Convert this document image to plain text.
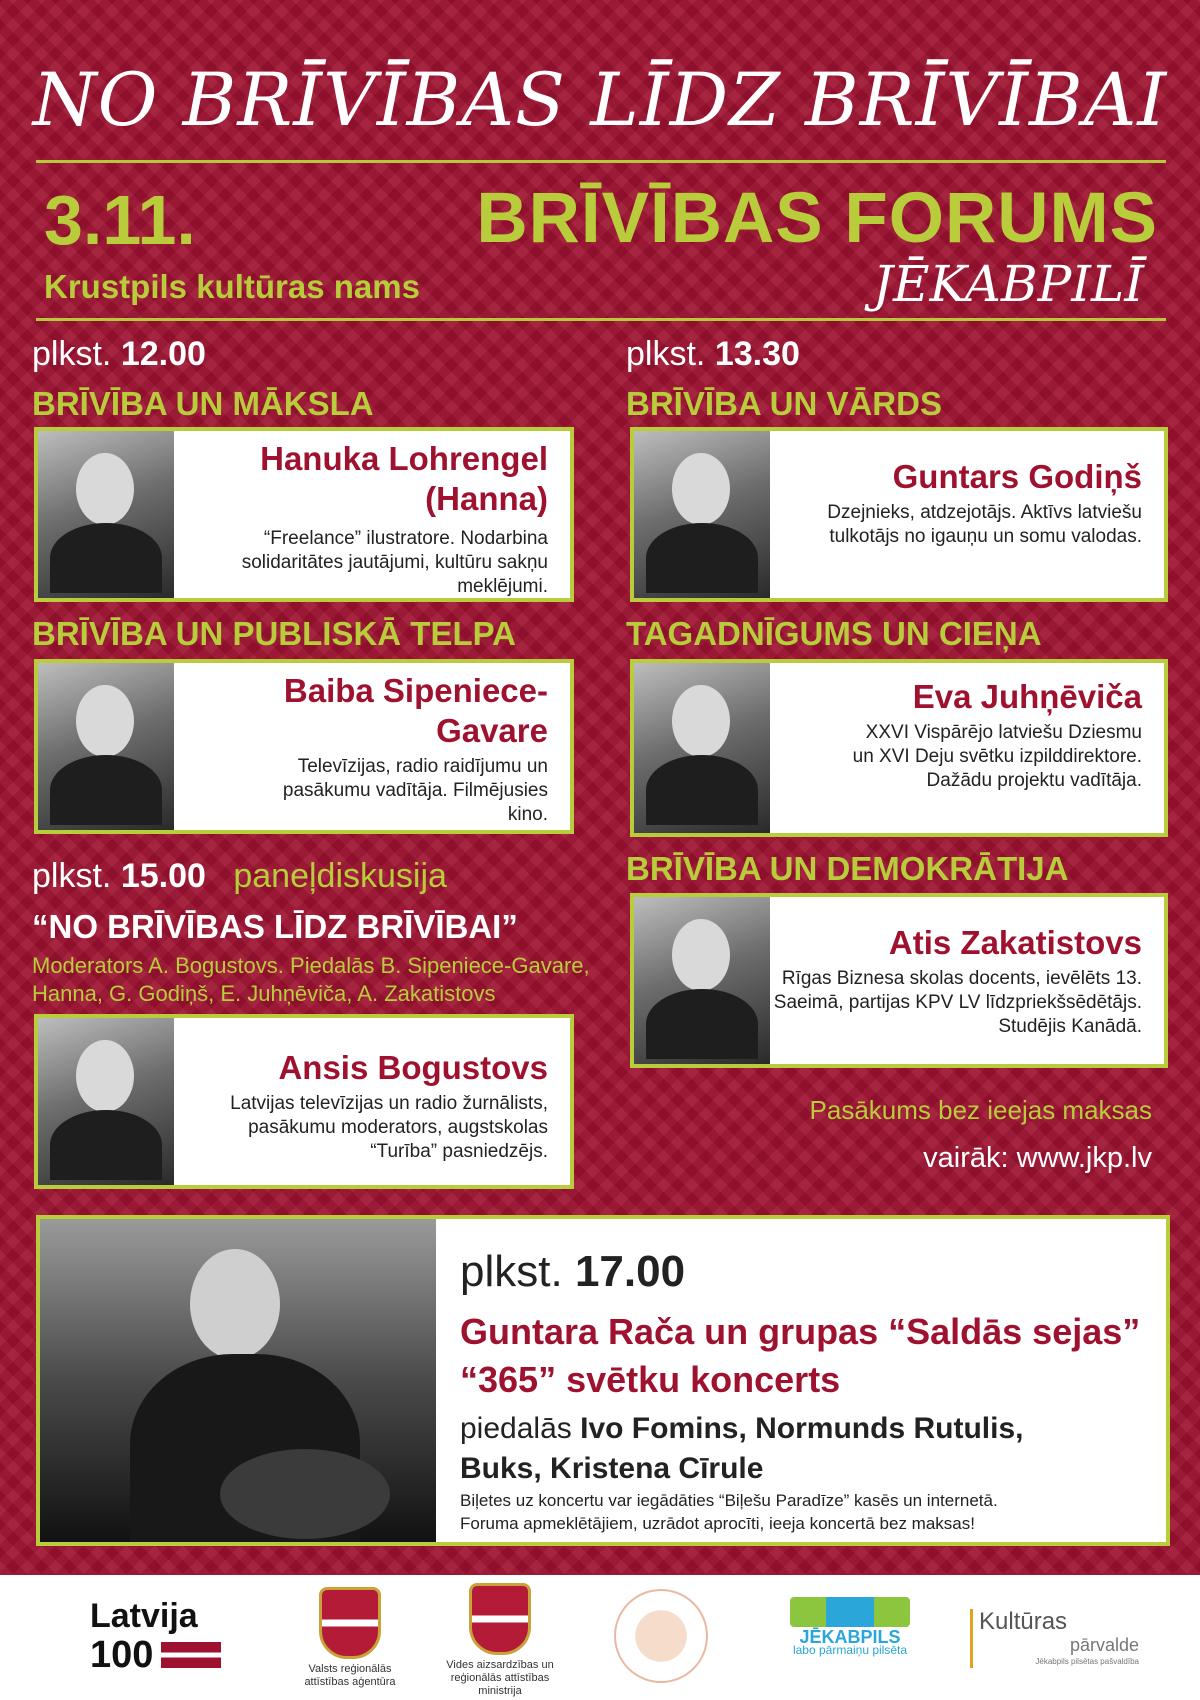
NO BRĪVĪBAS LĪDZ BRĪVĪBAI
3.11.
Krustpils kultūras nams
BRĪVĪBAS FORUMS
JĒKABPILĪ
plkst. 12.00
BRĪVĪBA UN MĀKSLA
Hanuka Lohrengel (Hanna)
“Freelance” ilustratore. Nodarbina solidaritātes jautājumi, kultūru sakņu meklējumi.
plkst. 13.30
BRĪVĪBA UN VĀRDS
Guntars Godiņš
Dzejnieks, atdzejotājs. Aktīvs latviešu tulkotājs no igauņu un somu valodas.
BRĪVĪBA UN PUBLISKĀ TELPA
Baiba Sipeniece-Gavare
Televīzijas, radio raidījumu un pasākumu vadītāja. Filmējusies kino.
TAGADNĪGUMS UN CIEŅA
Eva Juhņēviča
XXVI Vispārējo latviešu Dziesmu un XVI Deju svētku izpilddirektore. Dažādu projektu vadītāja.
plkst. 15.00 paneļdiskusija
“NO BRĪVĪBAS LĪDZ BRĪVĪBAI”
Moderators A. Bogustovs. Piedalās B. Sipeniece-Gavare, Hanna, G. Godiņš, E. Juhņēviča, A. Zakatistovs
Ansis Bogustovs
Latvijas televīzijas un radio žurnālists, pasākumu moderators, augstskolas “Turība” pasniedzējs.
BRĪVĪBA UN DEMOKRĀTIJA
Atis Zakatistovs
Rīgas Biznesa skolas docents, ievēlēts 13. Saeimā, partijas KPV LV līdzpriekšsēdētājs. Studējis Kanādā.
Pasākums bez ieejas maksas
vairāk: www.jkp.lv
plkst. 17.00
Guntara Rača un grupas “Saldās sejas”
“365” svētku koncerts
piedalās Ivo Fomins, Normunds Rutulis,
Buks, Kristena Cīrule
Biļetes uz koncertu var iegādāties “Biļešu Paradīze” kasēs un internetā.
Foruma apmeklētājiem, uzrādot aprocīti, ieeja koncertā bez maksas!
Latvija
100	Valsts reģionālās attīstības aģentūra
Vides aizsardzības un reģionālās attīstības ministrija
JĒKABPILS
labo pārmaiņu pilsēta
Kultūras
pārvalde
Jēkabpils pilsētas pašvaldība
